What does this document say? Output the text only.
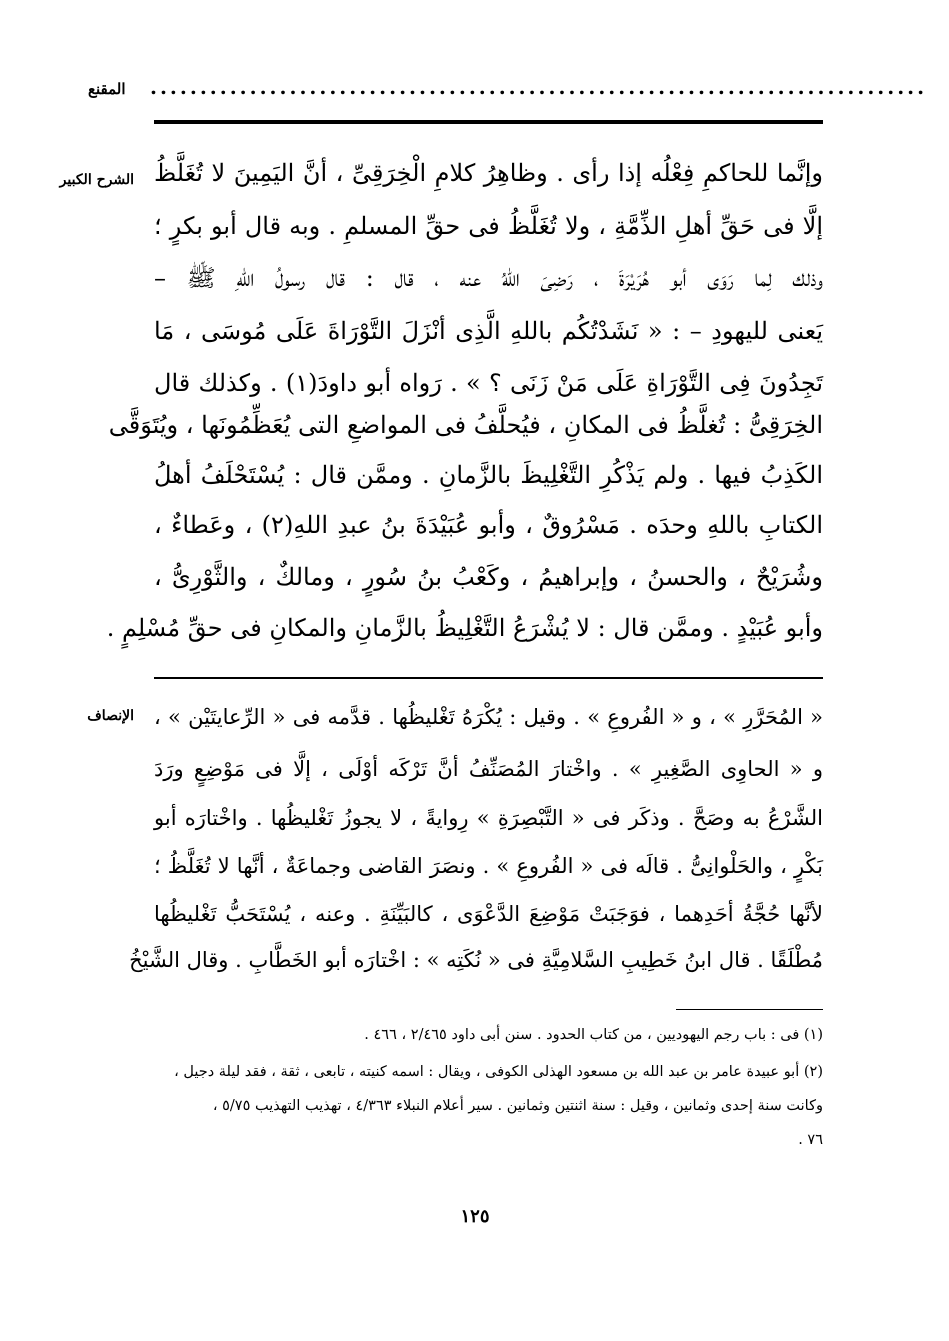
المقنع ..............................................................................
الشرح الكبير وإنَّما للحاكمِ فِعْلُه إذا رأى . وظاهِرُ كلامِ الْخِرَقِىِّ ، أنَّ اليَمِينَ لا تُغَلَّظُ
إلَّا فى حَقِّ أهلِ الذِّمَّةِ ، ولا تُغَلَّظُ فى حقِّ المسلمِ . وبه قال أبو بكرٍ ؛
وذلك لِما رَوَى أبو هُرَيْرَةَ ، رَضِىَ اللهُ عنه ، قال : قال رسولُ اللهِ ﷺ –
يَعنى لليهودِ – : « نَشَدْتُكُم باللهِ الَّذِى أنْزَلَ التَّوْرَاةَ عَلَى مُوسَى ، مَا
تَجِدُونَ فِى التَّوْرَاةِ عَلَى مَنْ زَنَى ؟ » . رَواه أبو داودَ(١) . وكذلك قال
الخِرَقِىُّ : تُغلَّظُ فى المكانِ ، فيُحلَّفُ فى المواضعِ التى يُعَظِّمُونَها ، ويُتَوَقَّى
الكَذِبُ فيها . ولم يَذْكُرِ التَّغْلِيظَ بالزَّمانِ . وممَّن قال : يُسْتَحْلَفُ أهلُ
الكتابِ باللهِ وحدَه . مَسْرُوقٌ ، وأبو عُبَيْدَةَ بنُ عبدِ اللهِ(٢) ، وعَطاءٌ ،
وشُرَيْحٌ ، والحسنُ ، وإبراهيمُ ، وكَعْبُ بنُ سُورٍ ، ومالكٌ ، والثَّوْرِىُّ ،
وأبو عُبَيْدٍ . وممَّن قال : لا يُشْرَعُ التَّغْلِيظُ بالزَّمانِ والمكانِ فى حقِّ مُسْلِمٍ .
الإنصاف « المُحَرَّرِ » ، و « الفُروعِ » . وقيل : يُكْرَهُ تَغْليظُها . قدَّمه فى « الرِّعايتَيْن » ،
و « الحاوِى الصَّغِيرِ » . واخْتارَ المُصَنِّفُ أنَّ تَرْكَه أوْلَى ، إلَّا فى مَوْضِعٍ ورَدَ
الشَّرْعُ به وصَحَّ . وذكَر فى « التَّبْصِرَةِ » رِوايةً ، لا يجوزُ تَغْليظُها . واخْتارَه أبو
بَكْرٍ ، والحَلْوانِىُّ . قالَه فى « الفُروعِ » . ونصَرَ القاضى وجماعَةٌ ، أنَّها لا تُغَلَّظُ ؛
لأنَّها حُجَّةُ أحَدِهما ، فوَجَبَتْ مَوْضِعَ الدَّعْوَى ، كالبَيِّنَةِ . وعنه ، يُسْتَحَبُّ تَغْليظُها
مُطْلَقًا . قال ابنُ خَطِيبِ السَّلامِيَّةِ فى « نُكَتِه » : اخْتارَه أبو الخَطَّابِ . وقال الشَّيْخُ
(١) فى : باب رجم اليهوديين ، من كتاب الحدود . سنن أبى داود ٢/٤٦٥ ، ٤٦٦ .
(٢) أبو عبيدة عامر بن عبد الله بن مسعود الهذلى الكوفى ، ويقال : اسمه كنيته ، تابعى ، ثقة ، فقد ليلة دجيل ،
وكانت سنة إحدى وثمانين ، وقيل : سنة اثنتين وثمانين . سير أعلام النبلاء ٤/٣٦٣ ، تهذيب التهذيب ٥/٧٥ ،
٧٦ .
١٢٥
